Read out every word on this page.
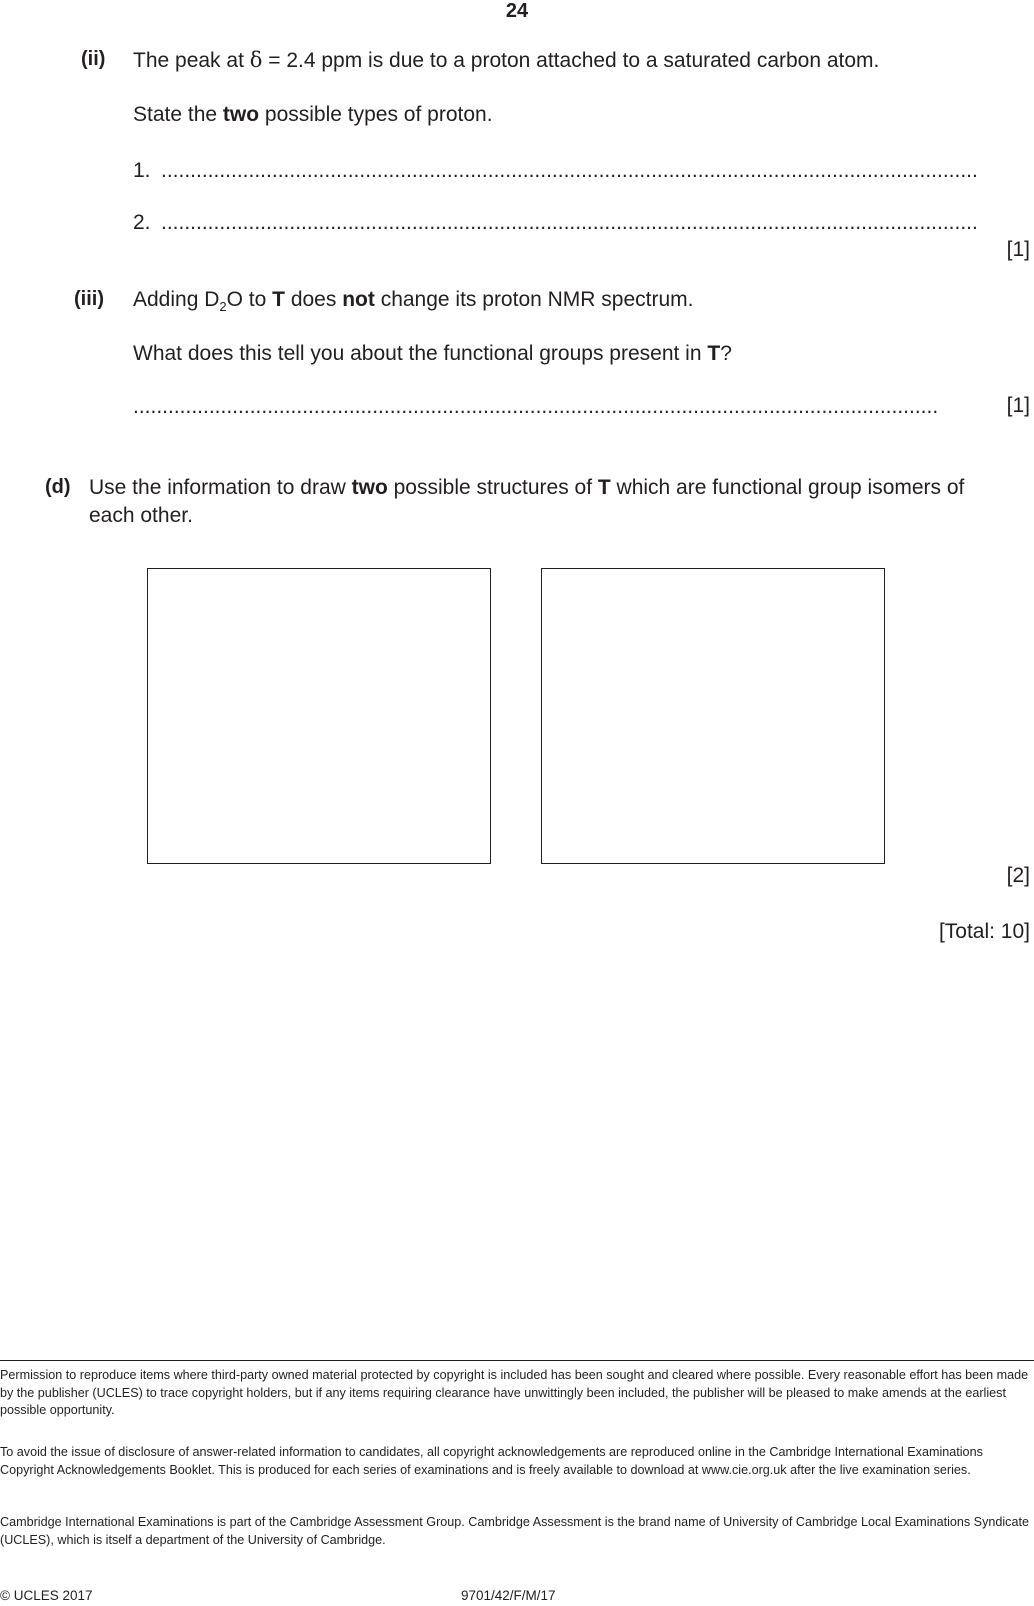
24
(ii) The peak at δ = 2.4 ppm is due to a proton attached to a saturated carbon atom.
State the two possible types of proton.
1. ............................................................................................................................................
2. ............................................................................................................................................
[1]
(iii) Adding $D_2O$ to T does not change its proton NMR spectrum.
What does this tell you about the functional groups present in T?
..........................................................................................................................................	[1]
(d) Use the information to draw two possible structures of T which are functional group isomers of
each other.
[2]
[Total: 10]
Permission to reproduce items where third-party owned material protected by copyright is included has been sought and cleared where possible. Every reasonable effort has been made by the publisher (UCLES) to trace copyright holders, but if any items requiring clearance have unwittingly been included, the publisher will be pleased to make amends at the earliest possible opportunity.
To avoid the issue of disclosure of answer-related information to candidates, all copyright acknowledgements are reproduced online in the Cambridge International Examinations Copyright Acknowledgements Booklet. This is produced for each series of examinations and is freely available to download at www.cie.org.uk after the live examination series.
Cambridge International Examinations is part of the Cambridge Assessment Group. Cambridge Assessment is the brand name of University of Cambridge Local Examinations Syndicate (UCLES), which is itself a department of the University of Cambridge.
© UCLES 2017	9701/42/F/M/17
